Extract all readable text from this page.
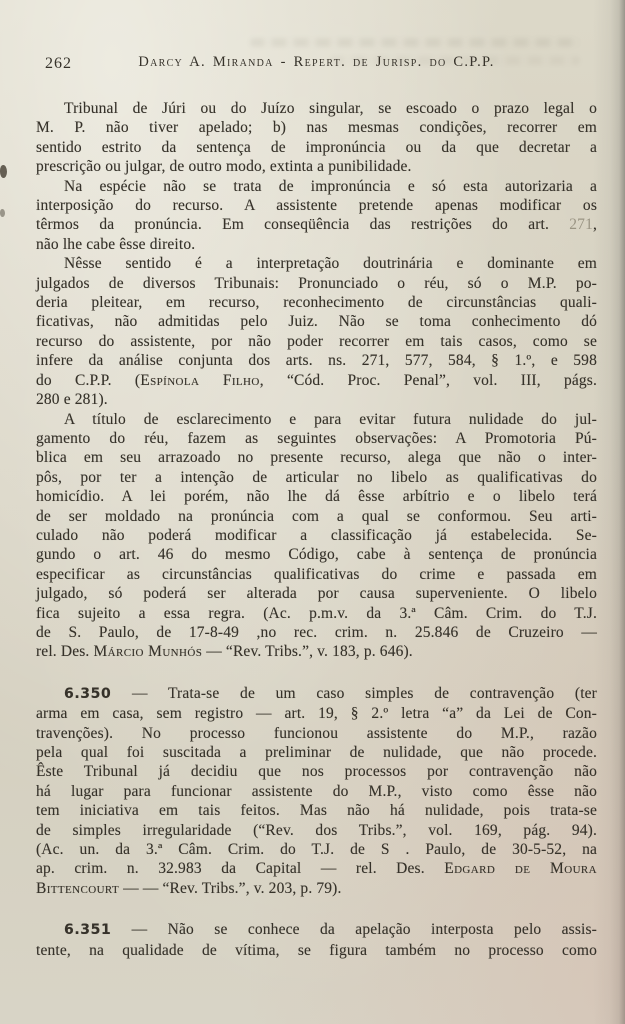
262	Darcy A. Miranda - Repert. de Jurisp. do C.P.P.
Tribunal de Júri ou do Juízo singular, se escoado o prazo legal o
M. P. não tiver apelado; b) nas mesmas condições, recorrer em
sentido estrito da sentença de impronúncia ou da que decretar a
prescrição ou julgar, de outro modo, extinta a punibilidade.
Na espécie não se trata de impronúncia e só esta autorizaria a
interposição do recurso. A assistente pretende apenas modificar os
têrmos da pronúncia. Em conseqüência das restrições do art. 271,
não lhe cabe êsse direito.
Nêsse sentido é a interpretação doutrinária e dominante em
julgados de diversos Tribunais: Pronunciado o réu, só o M.P. po-
deria pleitear, em recurso, reconhecimento de circunstâncias quali-
ficativas, não admitidas pelo Juiz. Não se toma conhecimento dó
recurso do assistente, por não poder recorrer em tais casos, como se
infere da análise conjunta dos arts. ns. 271, 577, 584, § 1.º, e 598
do C.P.P. (Espínola Filho, “Cód. Proc. Penal”, vol. III, págs.
280 e 281).
A título de esclarecimento e para evitar futura nulidade do jul-
gamento do réu, fazem as seguintes observações: A Promotoria Pú-
blica em seu arrazoado no presente recurso, alega que não o inter-
pôs, por ter a intenção de articular no libelo as qualificativas do
homicídio. A lei porém, não lhe dá êsse arbítrio e o libelo terá
de ser moldado na pronúncia com a qual se conformou. Seu arti-
culado não poderá modificar a classificação já estabelecida. Se-
gundo o art. 46 do mesmo Código, cabe à sentença de pronúncia
especificar as circunstâncias qualificativas do crime e passada em
julgado, só poderá ser alterada por causa superveniente. O libelo
fica sujeito a essa regra. (Ac. p.m.v. da 3.ª Câm. Crim. do T.J.
de S. Paulo, de 17-8-49 ,no rec. crim. n. 25.846 de Cruzeiro —
rel. Des. Márcio Munhós — “Rev. Tribs.”, v. 183, p. 646).
6.350 — Trata-se de um caso simples de contravenção (ter
arma em casa, sem registro — art. 19, § 2.º letra “a” da Lei de Con-
travenções). No processo funcionou assistente do M.P., razão
pela qual foi suscitada a preliminar de nulidade, que não procede.
Êste Tribunal já decidiu que nos processos por contravenção não
há lugar para funcionar assistente do M.P., visto como êsse não
tem iniciativa em tais feitos. Mas não há nulidade, pois trata-se
de simples irregularidade (“Rev. dos Tribs.”, vol. 169, pág. 94).
(Ac. un. da 3.ª Câm. Crim. do T.J. de S . Paulo, de 30-5-52, na
ap. crim. n. 32.983 da Capital — rel. Des. Edgard de Moura
Bittencourt — — “Rev. Tribs.”, v. 203, p. 79).
6.351 — Não se conhece da apelação interposta pelo assis-
tente, na qualidade de vítima, se figura também no processo como
